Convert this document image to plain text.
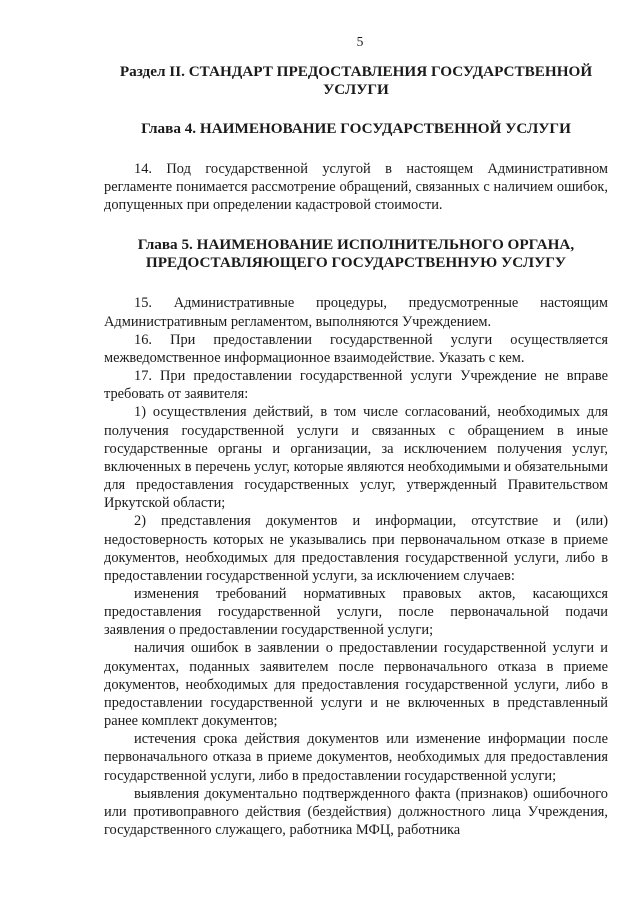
5
Раздел II. СТАНДАРТ ПРЕДОСТАВЛЕНИЯ ГОСУДАРСТВЕННОЙ
УСЛУГИ
Глава 4. НАИМЕНОВАНИЕ ГОСУДАРСТВЕННОЙ УСЛУГИ

14. Под государственной услугой в настоящем Административном регламенте понимается рассмотрение обращений, связанных с наличием ошибок, допущенных при определении кадастровой стоимости.

Глава 5. НАИМЕНОВАНИЕ ИСПОЛНИТЕЛЬНОГО ОРГАНА,
ПРЕДОСТАВЛЯЮЩЕГО ГОСУДАРСТВЕННУЮ УСЛУГУ

15. Административные процедуры, предусмотренные настоящим Административным регламентом, выполняются Учреждением.

16. При предоставлении государственной услуги осуществляется межведомственное информационное взаимодействие. Указать с кем.

17. При предоставлении государственной услуги Учреждение не вправе требовать от заявителя:

1) осуществления действий, в том числе согласований, необходимых для получения государственной услуги и связанных с обращением в иные государственные органы и организации, за исключением получения услуг, включенных в перечень услуг, которые являются необходимыми и обязательными для предоставления государственных услуг, утвержденный Правительством Иркутской области;

2) представления документов и информации, отсутствие и (или) недостоверность которых не указывались при первоначальном отказе в приеме документов, необходимых для предоставления государственной услуги, либо в предоставлении государственной услуги, за исключением случаев:

изменения требований нормативных правовых актов, касающихся предоставления государственной услуги, после первоначальной подачи заявления о предоставлении государственной услуги;

наличия ошибок в заявлении о предоставлении государственной услуги и документах, поданных заявителем после первоначального отказа в приеме документов, необходимых для предоставления государственной услуги, либо в предоставлении государственной услуги и не включенных в представленный ранее комплект документов;

истечения срока действия документов или изменение информации после первоначального отказа в приеме документов, необходимых для предоставления государственной услуги, либо в предоставлении государственной услуги;

выявления документально подтвержденного факта (признаков) ошибочного или противоправного действия (бездействия) должностного лица Учреждения, государственного служащего, работника МФЦ, работника
